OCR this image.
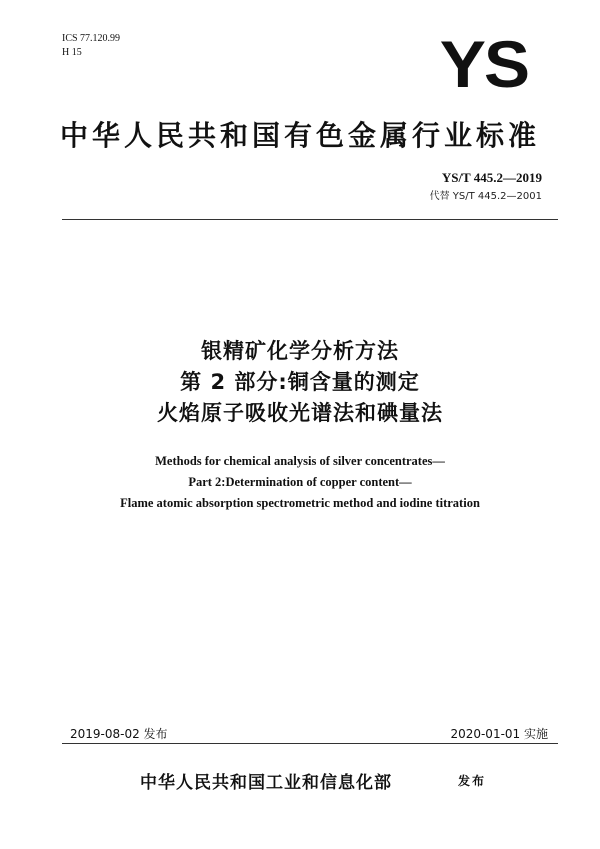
ICS 77.120.99
H 15	YS
中华人民共和国有色金属行业标准
YS/T 445.2—2019
代替 YS/T 445.2—2001
银精矿化学分析方法
第 2 部分:铜含量的测定
火焰原子吸收光谱法和碘量法
Methods for chemical analysis of silver concentrates—
Part 2:Determination of copper content—
Flame atomic absorption spectrometric method and iodine titration
2019-08-02 发布	2020-01-01 实施
中华人民共和国工业和信息化部	发布
